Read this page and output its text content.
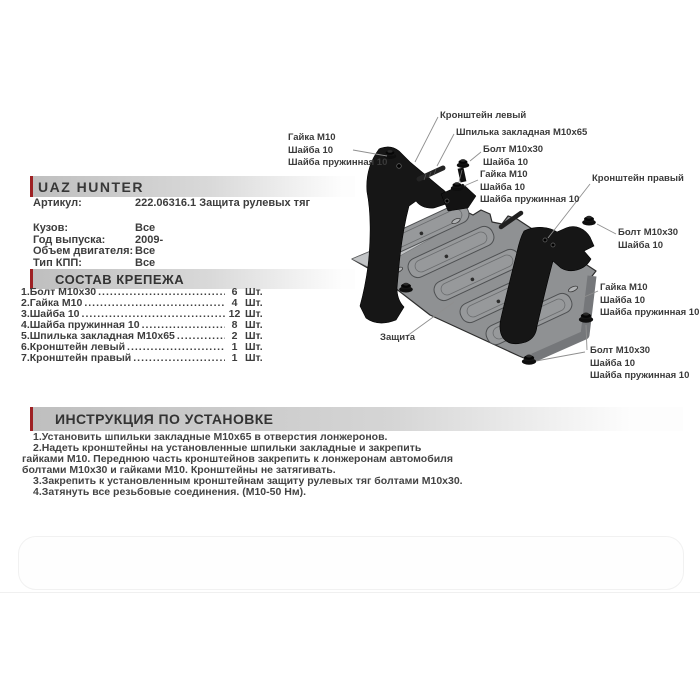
Гайка М10
Шайба 10
Шайба пружинная 10
Кронштейн левый
Шпилька закладная М10х65
Болт М10х30
Шайба 10
Гайка М10
Шайба 10
Шайба пружинная 10
Кронштейн правый
Болт М10х30
Шайба 10
Гайка М10
Шайба 10
Шайба пружинная 10
Болт М10х30
Шайба 10
Шайба пружинная 10
Защита
UAZ HUNTER
Артикул:	222.06316.1 Защита рулевых тяг
Кузов:	Все
Год выпуска:	2009-
Объем двигателя: Все
Тип КПП:	Все
СОСТАВ КРЕПЕЖА
1.Болт М10х30 .....	6 Шт.
2.Гайка М10 .....	4 Шт.
3.Шайба 10 .....	12 Шт.
4.Шайба пружинная 10 .....	8 Шт.
5.Шпилька закладная М10х65 .....	2 Шт.
6.Кронштейн левый .....	1 Шт.
7.Кронштейн правый .....	1 Шт.
ИНСТРУКЦИЯ ПО УСТАНОВКЕ
1.Установить шпильки закладные М10х65 в отверстия лонжеронов.
2.Надеть кронштейны на установленные шпильки закладные и закрепить
гайками М10. Переднюю часть кронштейнов закрепить к лонжеронам автомобиля
болтами М10х30 и гайками М10. Кронштейны не затягивать.
3.Закрепить к установленным кронштейнам защиту рулевых тяг болтами М10х30.
4.Затянуть все резьбовые соединения. (М10-50 Нм).
